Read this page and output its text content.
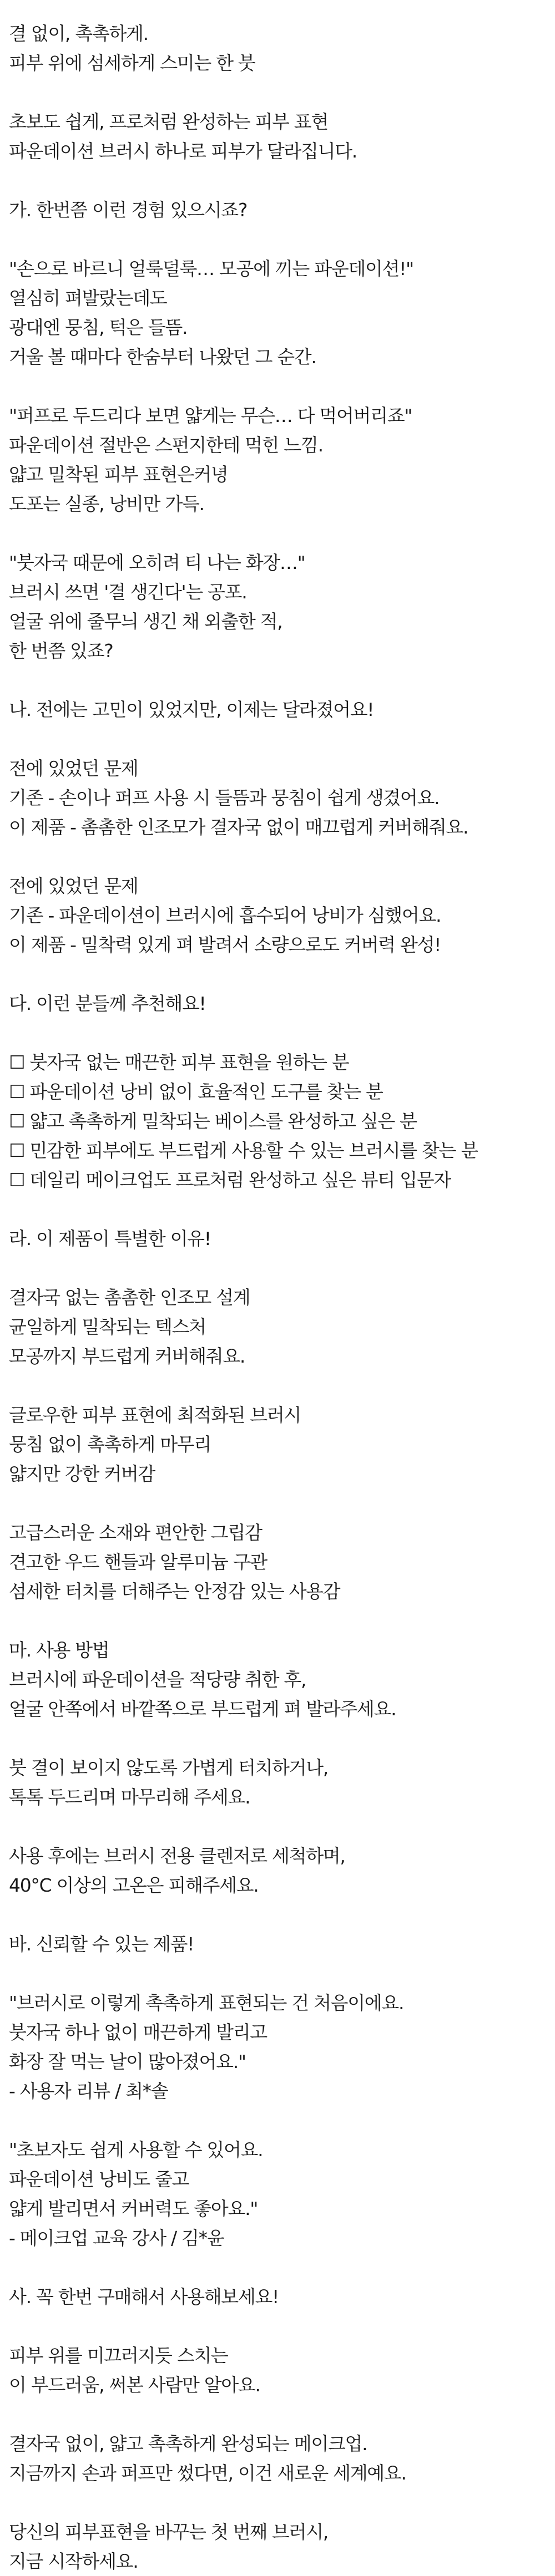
결 없이, 촉촉하게.
피부 위에 섬세하게 스미는 한 붓
초보도 쉽게, 프로처럼 완성하는 피부 표현
파운데이션 브러시 하나로 피부가 달라집니다.
가. 한번쯤 이런 경험 있으시죠?
"손으로 바르니 얼룩덜룩… 모공에 끼는 파운데이션!"
열심히 펴발랐는데도
광대엔 뭉침, 턱은 들뜸.
거울 볼 때마다 한숨부터 나왔던 그 순간.
"퍼프로 두드리다 보면 얇게는 무슨… 다 먹어버리죠"
파운데이션 절반은 스펀지한테 먹힌 느낌.
얇고 밀착된 피부 표현은커녕
도포는 실종, 낭비만 가득.
"붓자국 때문에 오히려 티 나는 화장…"
브러시 쓰면 '결 생긴다'는 공포.
얼굴 위에 줄무늬 생긴 채 외출한 적,
한 번쯤 있죠?
나. 전에는 고민이 있었지만, 이제는 달라졌어요!
전에 있었던 문제
기존 - 손이나 퍼프 사용 시 들뜸과 뭉침이 쉽게 생겼어요.
이 제품 - 촘촘한 인조모가 결자국 없이 매끄럽게 커버해줘요.
전에 있었던 문제
기존 - 파운데이션이 브러시에 흡수되어 낭비가 심했어요.
이 제품 - 밀착력 있게 펴 발려서 소량으로도 커버력 완성!
다. 이런 분들께 추천해요!
☐ 붓자국 없는 매끈한 피부 표현을 원하는 분
☐ 파운데이션 낭비 없이 효율적인 도구를 찾는 분
☐ 얇고 촉촉하게 밀착되는 베이스를 완성하고 싶은 분
☐ 민감한 피부에도 부드럽게 사용할 수 있는 브러시를 찾는 분
☐ 데일리 메이크업도 프로처럼 완성하고 싶은 뷰티 입문자
라. 이 제품이 특별한 이유!
결자국 없는 촘촘한 인조모 설계
균일하게 밀착되는 텍스처
모공까지 부드럽게 커버해줘요.
글로우한 피부 표현에 최적화된 브러시
뭉침 없이 촉촉하게 마무리
얇지만 강한 커버감
고급스러운 소재와 편안한 그립감
견고한 우드 핸들과 알루미늄 구관
섬세한 터치를 더해주는 안정감 있는 사용감
마. 사용 방법
브러시에 파운데이션을 적당량 취한 후,
얼굴 안쪽에서 바깥쪽으로 부드럽게 펴 발라주세요.
붓 결이 보이지 않도록 가볍게 터치하거나,
톡톡 두드리며 마무리해 주세요.
사용 후에는 브러시 전용 클렌저로 세척하며,
40°C 이상의 고온은 피해주세요.
바. 신뢰할 수 있는 제품!
"브러시로 이렇게 촉촉하게 표현되는 건 처음이에요.
붓자국 하나 없이 매끈하게 발리고
화장 잘 먹는 날이 많아졌어요."
- 사용자 리뷰 / 최*솔
"초보자도 쉽게 사용할 수 있어요.
파운데이션 낭비도 줄고
얇게 발리면서 커버력도 좋아요."
- 메이크업 교육 강사 / 김*윤
사. 꼭 한번 구매해서 사용해보세요!
피부 위를 미끄러지듯 스치는
이 부드러움, 써본 사람만 알아요.
결자국 없이, 얇고 촉촉하게 완성되는 메이크업.
지금까지 손과 퍼프만 썼다면, 이건 새로운 세계예요.
당신의 피부표현을 바꾸는 첫 번째 브러시,
지금 시작하세요.
